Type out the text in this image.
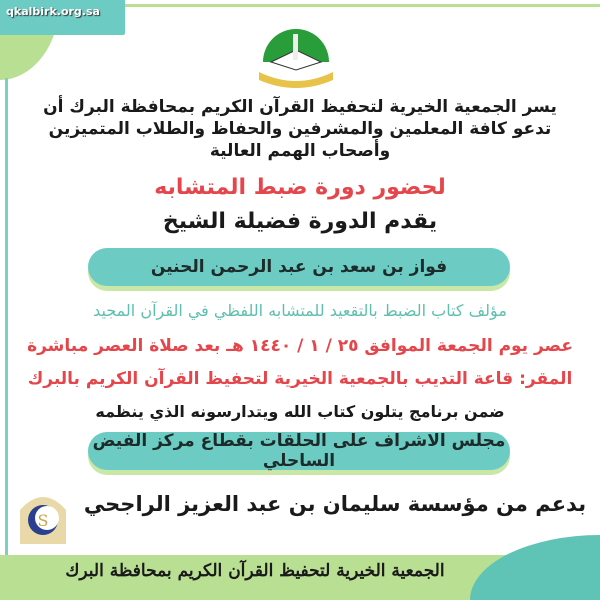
qkalbirk.org.sa
يسر الجمعية الخيرية لتحفيظ القرآن الكريم بمحافظة البرك أن
تدعو كافة المعلمين والمشرفين والحفاظ والطلاب المتميزين
وأصحاب الهمم العالية
لحضور دورة ضبط المتشابه
يقدم الدورة فضيلة الشيخ
فواز بن سعد بن عبد الرحمن الحنين
مؤلف كتاب الضبط بالتقعيد للمتشابه اللفظي في القرآن المجيد
عصر يوم الجمعة الموافق ٢٥ / ١ / ١٤٤٠ هـ بعد صلاة العصر مباشرة
المقر: قاعة التديب بالجمعية الخيرية لتحفيظ القرآن الكريم بالبرك
ضمن برنامج يتلون كتاب الله ويتدارسونه الذي ينظمه
مجلس الاشراف على الحلقات بقطاع مركز الفيض الساحلي
بدعم من مؤسسة سليمان بن عبد العزيز الراجحي
S
الجمعية الخيرية لتحفيظ القرآن الكريم بمحافظة البرك
